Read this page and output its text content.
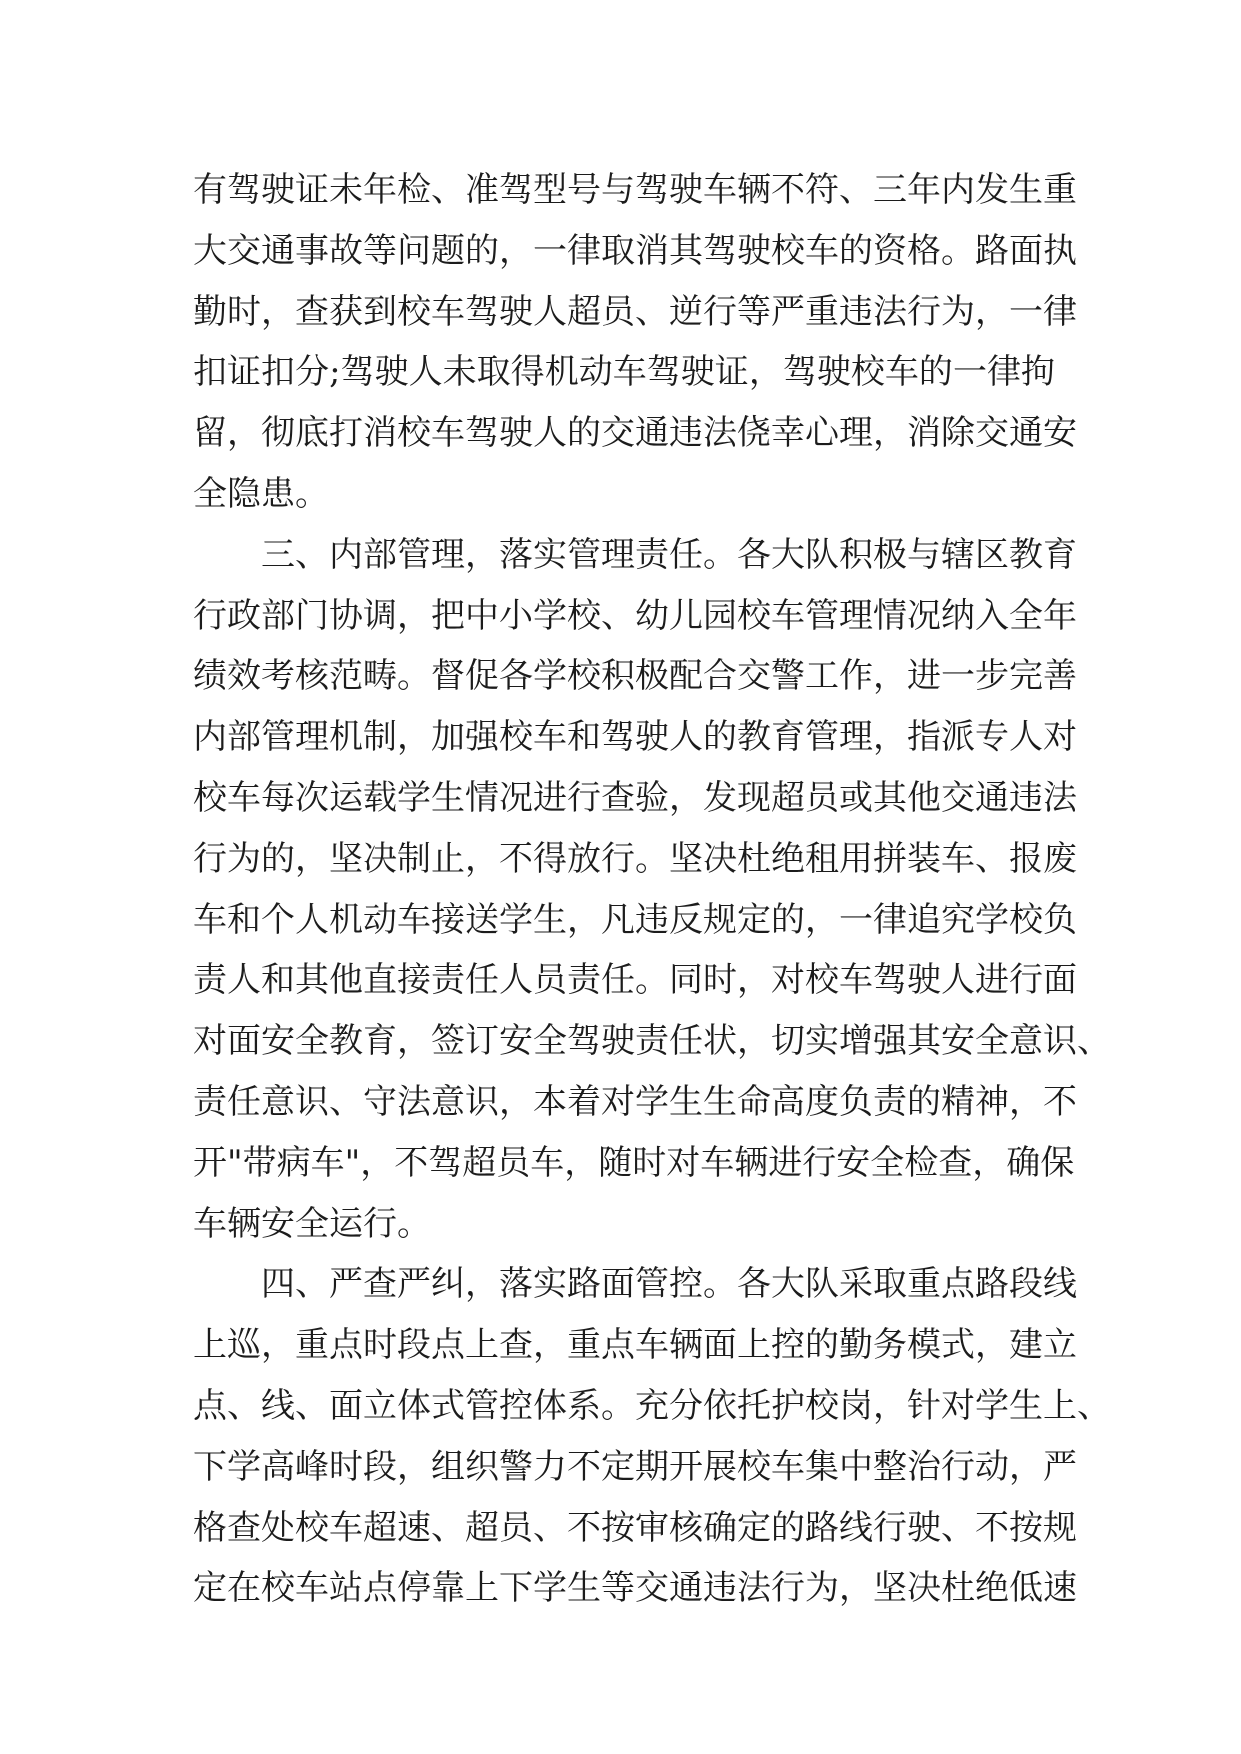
有驾驶证未年检、准驾型号与驾驶车辆不符、三年内发生重
大交通事故等问题的，一律取消其驾驶校车的资格。路面执
勤时，查获到校车驾驶人超员、逆行等严重违法行为，一律
扣证扣分;驾驶人未取得机动车驾驶证，驾驶校车的一律拘
留，彻底打消校车驾驶人的交通违法侥幸心理，消除交通安
全隐患。
三、内部管理，落实管理责任。各大队积极与辖区教育
行政部门协调，把中小学校、幼儿园校车管理情况纳入全年
绩效考核范畴。督促各学校积极配合交警工作，进一步完善
内部管理机制，加强校车和驾驶人的教育管理，指派专人对
校车每次运载学生情况进行查验，发现超员或其他交通违法
行为的，坚决制止，不得放行。坚决杜绝租用拼装车、报废
车和个人机动车接送学生，凡违反规定的，一律追究学校负
责人和其他直接责任人员责任。同时，对校车驾驶人进行面
对面安全教育，签订安全驾驶责任状，切实增强其安全意识、
责任意识、守法意识，本着对学生生命高度负责的精神，不
开"带病车"，不驾超员车，随时对车辆进行安全检查，确保
车辆安全运行。
四、严查严纠，落实路面管控。各大队采取重点路段线
上巡，重点时段点上查，重点车辆面上控的勤务模式，建立
点、线、面立体式管控体系。充分依托护校岗，针对学生上、
下学高峰时段，组织警力不定期开展校车集中整治行动，严
格查处校车超速、超员、不按审核确定的路线行驶、不按规
定在校车站点停靠上下学生等交通违法行为，坚决杜绝低速
